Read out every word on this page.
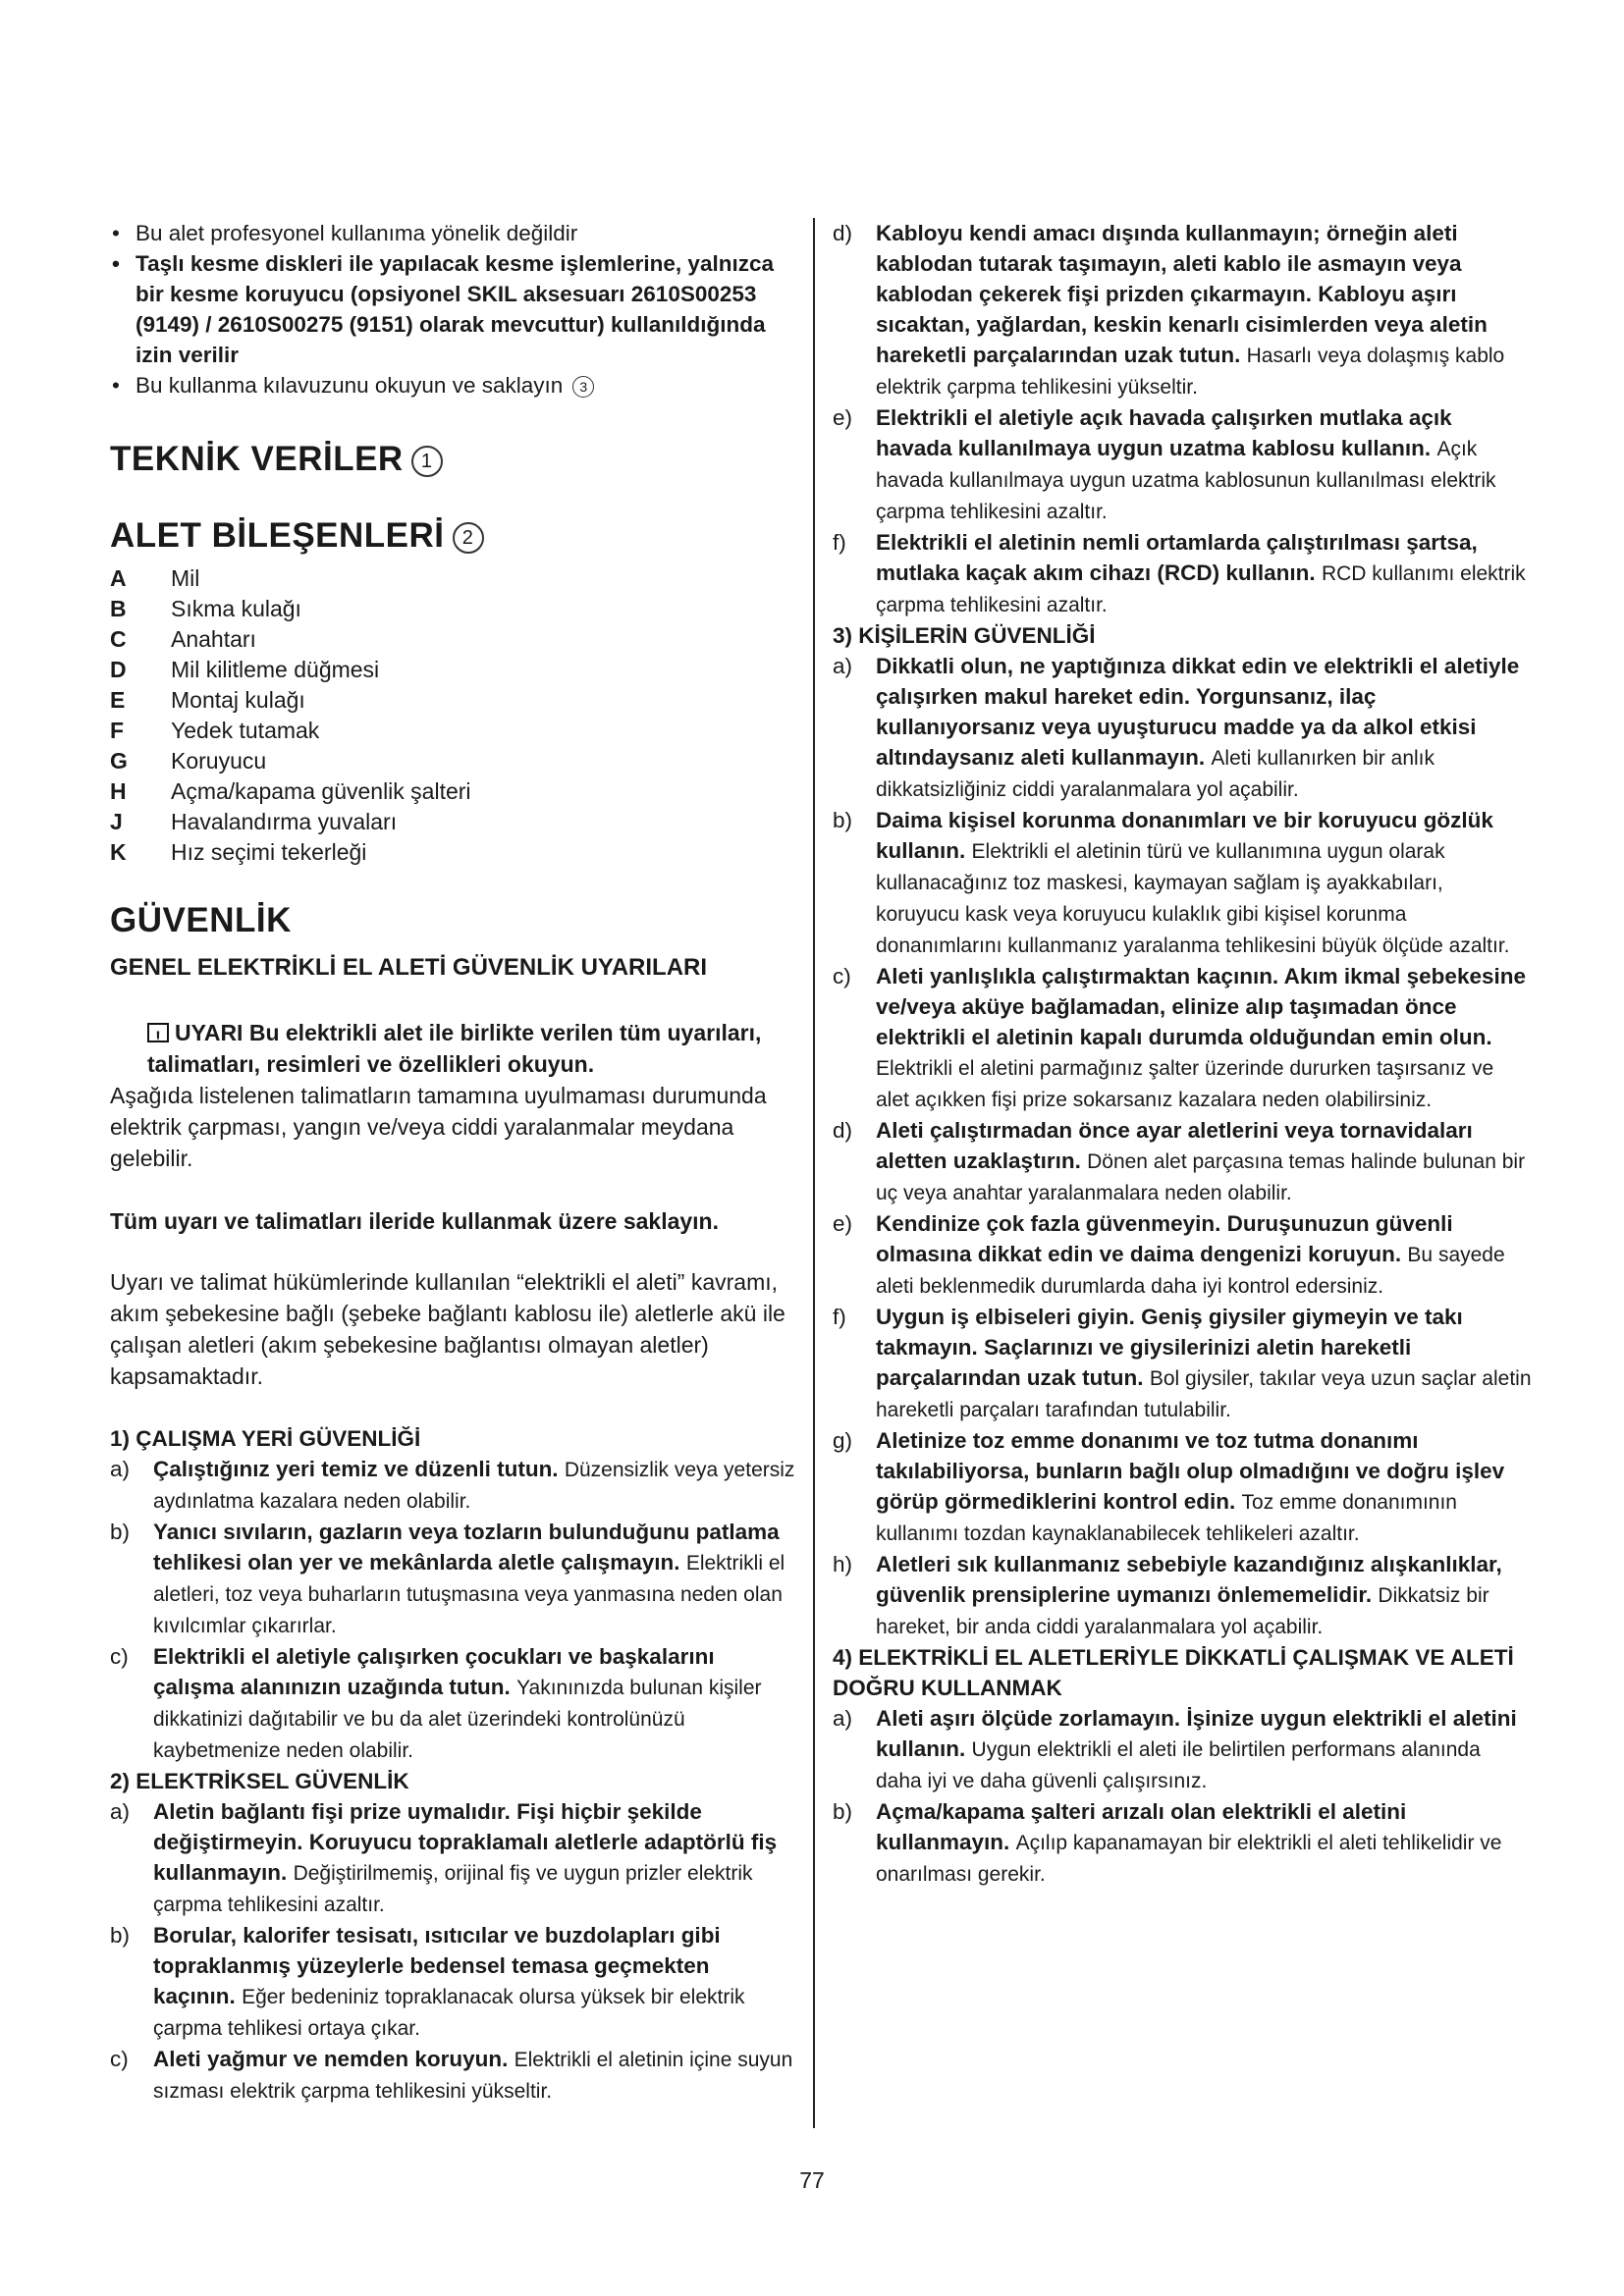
• Bu alet profesyonel kullanıma yönelik değildir
• Taşlı kesme diskleri ile yapılacak kesme işlemlerine, yalnızca bir kesme koruyucu (opsiyonel SKIL aksesuarı 2610S00253 (9149) / 2610S00275 (9151) olarak mevcuttur) kullanıldığında izin verilir
• Bu kullanma kılavuzunu okuyun ve saklayın 3
TEKNİK VERİLER 1
ALET BİLEŞENLERİ 2
A	Mil
B	Sıkma kulağı
C	Anahtarı
D	Mil kilitleme düğmesi
E	Montaj kulağı
F	Yedek tutamak
G	Koruyucu
H	Açma/kapama güvenlik şalteri
J	Havalandırma yuvaları
K	Hız seçimi tekerleği
GÜVENLİK
GENEL ELEKTRİKLİ EL ALETİ GÜVENLİK UYARILARI
!UYARI Bu elektrikli alet ile birlikte verilen tüm uyarıları, talimatları, resimleri ve özellikleri okuyun.
Aşağıda listelenen talimatların tamamına uyulmaması durumunda elektrik çarpması, yangın ve/veya ciddi yaralanmalar meydana gelebilir.
Tüm uyarı ve talimatları ileride kullanmak üzere saklayın.
Uyarı ve talimat hükümlerinde kullanılan “elektrikli el aleti” kavramı, akım şebekesine bağlı (şebeke bağlantı kablosu ile) aletlerle akü ile çalışan aletleri (akım şebekesine bağlantısı olmayan aletler) kapsamaktadır.
1) ÇALIŞMA YERİ GÜVENLİĞİ
a) Çalıştığınız yeri temiz ve düzenli tutun. Düzensizlik veya yetersiz aydınlatma kazalara neden olabilir.
b) Yanıcı sıvıların, gazların veya tozların bulunduğunu patlama tehlikesi olan yer ve mekânlarda aletle çalışmayın. Elektrikli el aletleri, toz veya buharların tutuşmasına veya yanmasına neden olan kıvılcımlar çıkarırlar.
c) Elektrikli el aletiyle çalışırken çocukları ve başkalarını çalışma alanınızın uzağında tutun. Yakınınızda bulunan kişiler dikkatinizi dağıtabilir ve bu da alet üzerindeki kontrolünüzü kaybetmenize neden olabilir.
2) ELEKTRİKSEL GÜVENLİK
a) Aletin bağlantı fişi prize uymalıdır. Fişi hiçbir şekilde değiştirmeyin. Koruyucu topraklamalı aletlerle adaptörlü fiş kullanmayın. Değiştirilmemiş, orijinal fiş ve uygun prizler elektrik çarpma tehlikesini azaltır.
b) Borular, kalorifer tesisatı, ısıtıcılar ve buzdolapları gibi topraklanmış yüzeylerle bedensel temasa geçmekten kaçının. Eğer bedeniniz topraklanacak olursa yüksek bir elektrik çarpma tehlikesi ortaya çıkar.
c) Aleti yağmur ve nemden koruyun. Elektrikli el aletinin içine suyun sızması elektrik çarpma tehlikesini yükseltir.
d) Kabloyu kendi amacı dışında kullanmayın; örneğin aleti kablodan tutarak taşımayın, aleti kablo ile asmayın veya kablodan çekerek fişi prizden çıkarmayın. Kabloyu aşırı sıcaktan, yağlardan, keskin kenarlı cisimlerden veya aletin hareketli parçalarından uzak tutun. Hasarlı veya dolaşmış kablo elektrik çarpma tehlikesini yükseltir.
e) Elektrikli el aletiyle açık havada çalışırken mutlaka açık havada kullanılmaya uygun uzatma kablosu kullanın. Açık havada kullanılmaya uygun uzatma kablosunun kullanılması elektrik çarpma tehlikesini azaltır.
f) Elektrikli el aletinin nemli ortamlarda çalıştırılması şartsa, mutlaka kaçak akım cihazı (RCD) kullanın. RCD kullanımı elektrik çarpma tehlikesini azaltır.
3) KİŞİLERİN GÜVENLİĞİ
a) Dikkatli olun, ne yaptığınıza dikkat edin ve elektrikli el aletiyle çalışırken makul hareket edin. Yorgunsanız, ilaç kullanıyorsanız veya uyuşturucu madde ya da alkol etkisi altındaysanız aleti kullanmayın. Aleti kullanırken bir anlık dikkatsizliğiniz ciddi yaralanmalara yol açabilir.
b) Daima kişisel korunma donanımları ve bir koruyucu gözlük kullanın. Elektrikli el aletinin türü ve kullanımına uygun olarak kullanacağınız toz maskesi, kaymayan sağlam iş ayakkabıları, koruyucu kask veya koruyucu kulaklık gibi kişisel korunma donanımlarını kullanmanız yaralanma tehlikesini büyük ölçüde azaltır.
c) Aleti yanlışlıkla çalıştırmaktan kaçının. Akım ikmal şebekesine ve/veya aküye bağlamadan, elinize alıp taşımadan önce elektrikli el aletinin kapalı durumda olduğundan emin olun. Elektrikli el aletini parmağınız şalter üzerinde dururken taşırsanız ve alet açıkken fişi prize sokarsanız kazalara neden olabilirsiniz.
d) Aleti çalıştırmadan önce ayar aletlerini veya tornavidaları aletten uzaklaştırın. Dönen alet parçasına temas halinde bulunan bir uç veya anahtar yaralanmalara neden olabilir.
e) Kendinize çok fazla güvenmeyin. Duruşunuzun güvenli olmasına dikkat edin ve daima dengenizi koruyun. Bu sayede aleti beklenmedik durumlarda daha iyi kontrol edersiniz.
f) Uygun iş elbiseleri giyin. Geniş giysiler giymeyin ve takı takmayın. Saçlarınızı ve giysilerinizi aletin hareketli parçalarından uzak tutun. Bol giysiler, takılar veya uzun saçlar aletin hareketli parçaları tarafından tutulabilir.
g) Aletinize toz emme donanımı ve toz tutma donanımı takılabiliyorsa, bunların bağlı olup olmadığını ve doğru işlev görüp görmediklerini kontrol edin. Toz emme donanımının kullanımı tozdan kaynaklanabilecek tehlikeleri azaltır.
h) Aletleri sık kullanmanız sebebiyle kazandığınız alışkanlıklar, güvenlik prensiplerine uymanızı önlememelidir. Dikkatsiz bir hareket, bir anda ciddi yaralanmalara yol açabilir.
4) ELEKTRİKLİ EL ALETLERİYLE DİKKATLİ ÇALIŞMAK VE ALETİ DOĞRU KULLANMAK
a) Aleti aşırı ölçüde zorlamayın. İşinize uygun elektrikli el aletini kullanın. Uygun elektrikli el aleti ile belirtilen performans alanında daha iyi ve daha güvenli çalışırsınız.
b) Açma/kapama şalteri arızalı olan elektrikli el aletini kullanmayın. Açılıp kapanamayan bir elektrikli el aleti tehlikelidir ve onarılması gerekir.
77
